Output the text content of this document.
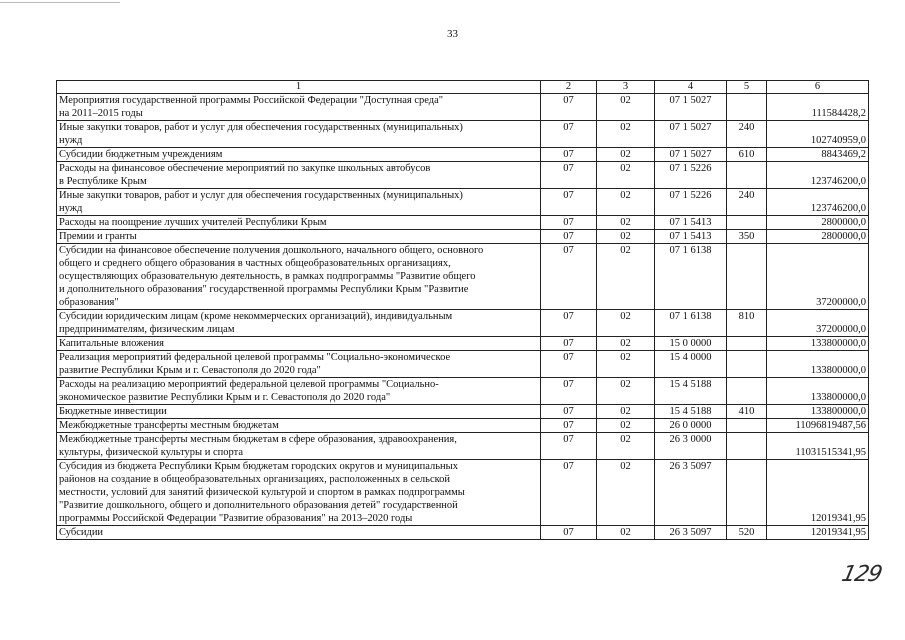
33
1	2	3	4	5	6
Мероприятия государственной программы Российской Федерации "Доступная среда"
на 2011–2015 годы	07	02	07 1 5027		111584428,2
Иные закупки товаров, работ и услуг для обеспечения государственных (муниципальных)
нужд	07	02	07 1 5027	240	102740959,0
Субсидии бюджетным учреждениям	07	02	07 1 5027	610	8843469,2
Расходы на финансовое обеспечение мероприятий по закупке школьных автобусов
в Республике Крым	07	02	07 1 5226		123746200,0
Иные закупки товаров, работ и услуг для обеспечения государственных (муниципальных)
нужд	07	02	07 1 5226	240	123746200,0
Расходы на поощрение лучших учителей Республики Крым	07	02	07 1 5413		2800000,0
Премии и гранты	07	02	07 1 5413	350	2800000,0
Субсидии на финансовое обеспечение получения дошкольного, начального общего, основного
общего и среднего общего образования в частных общеобразовательных организациях,
осуществляющих образовательную деятельность, в рамках подпрограммы "Развитие общего
и дополнительного образования" государственной программы Республики Крым "Развитие
образования"	07	02	07 1 6138		37200000,0
Субсидии юридическим лицам (кроме некоммерческих организаций), индивидуальным
предпринимателям, физическим лицам	07	02	07 1 6138	810	37200000,0
Капитальные вложения	07	02	15 0 0000		133800000,0
Реализация мероприятий федеральной целевой программы "Социально-экономическое
развитие Республики Крым и г. Севастополя до 2020 года"	07	02	15 4 0000		133800000,0
Расходы на реализацию мероприятий федеральной целевой программы "Социально-
экономическое развитие Республики Крым и г. Севастополя до 2020 года"	07	02	15 4 5188		133800000,0
Бюджетные инвестиции	07	02	15 4 5188	410	133800000,0
Межбюджетные трансферты местным бюджетам	07	02	26 0 0000		11096819487,56
Межбюджетные трансферты местным бюджетам в сфере образования, здравоохранения,
культуры, физической культуры и спорта	07	02	26 3 0000		11031515341,95
Субсидия из бюджета Республики Крым бюджетам городских округов и муниципальных
районов на создание в общеобразовательных организациях, расположенных в сельской
местности, условий для занятий физической культурой и спортом в рамках подпрограммы
"Развитие дошкольного, общего и дополнительного образования детей" государственной
программы Российской Федерации "Развитие образования" на 2013–2020 годы	07	02	26 3 5097		12019341,95
Субсидии	07	02	26 3 5097	520	12019341,95
129
